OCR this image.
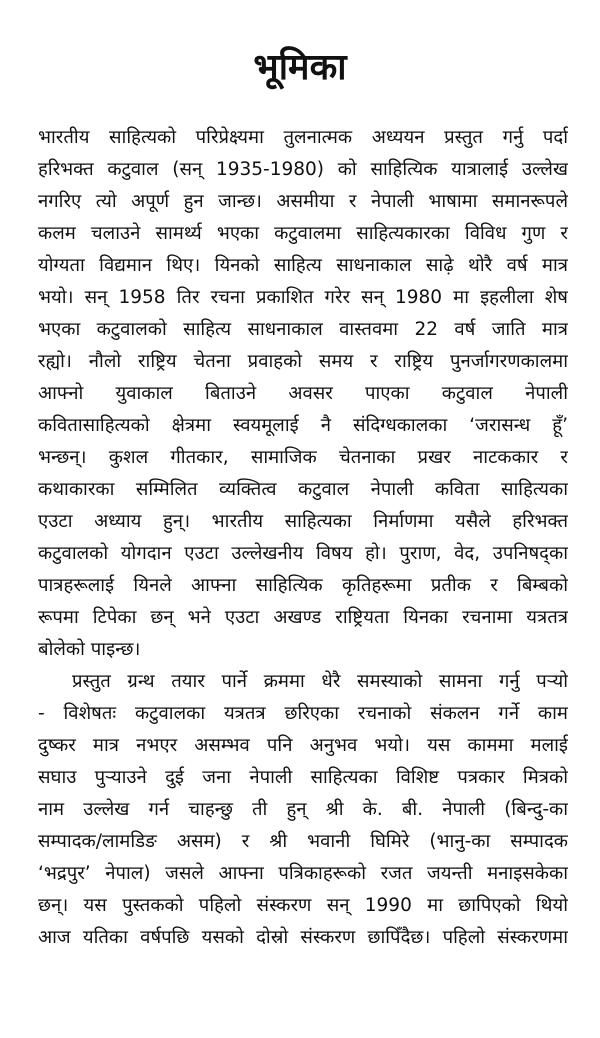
भूमिका
भारतीय साहित्यको परिप्रेक्ष्यमा तुलनात्मक अध्ययन प्रस्तुत गर्नु पर्दा
हरिभक्त कटुवाल (सन् 1935-1980) को साहित्यिक यात्रालाई उल्लेख
नगरिए त्यो अपूर्ण हुन जान्छ। असमीया र नेपाली भाषामा समानरूपले
कलम चलाउने सामर्थ्य भएका कटुवालमा साहित्यकारका विविध गुण र
योग्यता विद्यमान थिए। यिनको साहित्य साधनाकाल साढ़े थोरै वर्ष मात्र
भयो। सन् 1958 तिर रचना प्रकाशित गरेर सन् 1980 मा इहलीला शेष
भएका कटुवालको साहित्य साधनाकाल वास्तवमा 22 वर्ष जाति मात्र
रह्यो। नौलो राष्ट्रिय चेतना प्रवाहको समय र राष्ट्रिय पुनर्जागरणकालमा
आफ्नो युवाकाल बिताउने अवसर पाएका कटुवाल नेपाली
कवितासाहित्यको क्षेत्रमा स्वयमूलाई नै संदिग्धकालका ‘जरासन्ध हूँ’
भन्छन्। कुशल गीतकार, सामाजिक चेतनाका प्रखर नाटककार र
कथाकारका सम्मिलित व्यक्तित्व कटुवाल नेपाली कविता साहित्यका
एउटा अध्याय हुन्। भारतीय साहित्यका निर्माणमा यसैले हरिभक्त
कटुवालको योगदान एउटा उल्लेखनीय विषय हो। पुराण, वेद, उपनिषद्का
पात्रहरूलाई यिनले आफ्ना साहित्यिक कृतिहरूमा प्रतीक र बिम्बको
रूपमा टिपेका छन् भने एउटा अखण्ड राष्ट्रियता यिनका रचनामा यत्रतत्र
बोलेको पाइन्छ।
प्रस्तुत ग्रन्थ तयार पार्ने क्रममा धेरै समस्याको सामना गर्नु पऱ्यो
- विशेषतः कटुवालका यत्रतत्र छरिएका रचनाको संकलन गर्ने काम
दुष्कर मात्र नभएर असम्भव पनि अनुभव भयो। यस काममा मलाई
सघाउ पुऱ्याउने दुई जना नेपाली साहित्यका विशिष्ट पत्रकार मित्रको
नाम उल्लेख गर्न चाहन्छु ती हुन् श्री के. बी. नेपाली (बिन्दु-का
सम्पादक/लामडिङ असम) र श्री भवानी घिमिरे (भानु-का सम्पादक
‘भद्रपुर’ नेपाल) जसले आफ्ना पत्रिकाहरूको रजत जयन्ती मनाइसकेका
छन्। यस पुस्तकको पहिलो संस्करण सन् 1990 मा छापिएको थियो
आज यतिका वर्षपछि यसको दोस्रो संस्करण छापिँदैछ। पहिलो संस्करणमा
